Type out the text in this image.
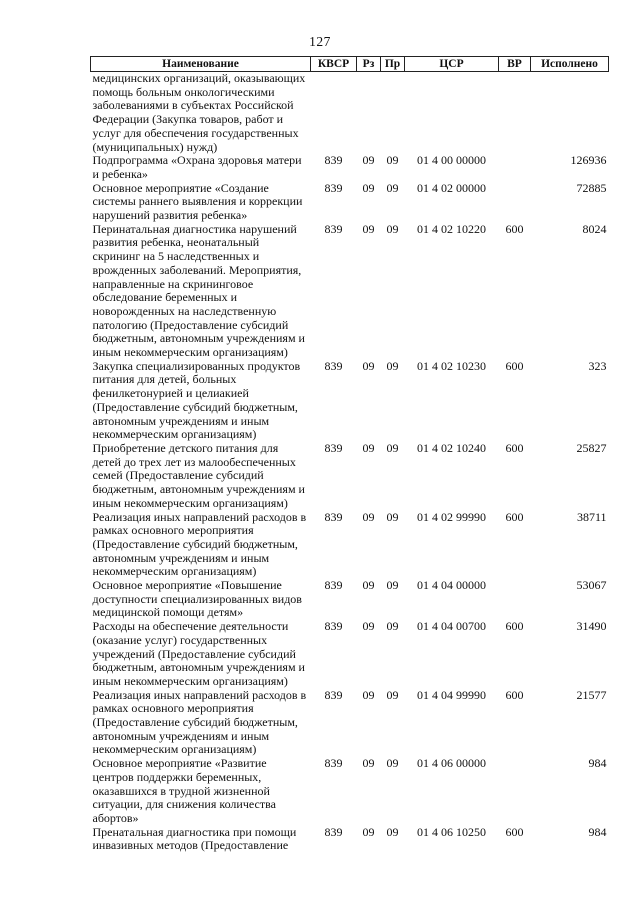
127
Наименование	КВСР	Рз	Пр	ЦСР	ВР	Исполнено
медицинских организаций, оказывающих помощь больным онкологическими заболеваниями в субъектах Российской Федерации (Закупка товаров, работ и услуг для обеспечения государственных (муниципальных) нужд)						
Подпрограмма «Охрана здоровья матери и ребенка»	839	09	09	01 4 00 00000		126936
Основное мероприятие «Создание системы раннего выявления и коррекции нарушений развития ребенка»	839	09	09	01 4 02 00000		72885
Перинатальная диагностика нарушений развития ребенка, неонатальный скрининг на 5 наследственных и врожденных заболеваний. Мероприятия, направленные на скрининговое обследование беременных и новорожденных на наследственную патологию (Предоставление субсидий бюджетным, автономным учреждениям и иным некоммерческим организациям)	839	09	09	01 4 02 10220	600	8024
Закупка специализированных продуктов питания для детей, больных фенилкетонурией и целиакией (Предоставление субсидий бюджетным, автономным учреждениям и иным некоммерческим организациям)	839	09	09	01 4 02 10230	600	323
Приобретение детского питания для детей до трех лет из малообеспеченных семей (Предоставление субсидий бюджетным, автономным учреждениям и иным некоммерческим организациям)	839	09	09	01 4 02 10240	600	25827
Реализация иных направлений расходов в рамках основного мероприятия (Предоставление субсидий бюджетным, автономным учреждениям и иным некоммерческим организациям)	839	09	09	01 4 02 99990	600	38711
Основное мероприятие «Повышение доступности специализированных видов медицинской помощи детям»	839	09	09	01 4 04 00000		53067
Расходы на обеспечение деятельности (оказание услуг) государственных учреждений (Предоставление субсидий бюджетным, автономным учреждениям и иным некоммерческим организациям)	839	09	09	01 4 04 00700	600	31490
Реализация иных направлений расходов в рамках основного мероприятия (Предоставление субсидий бюджетным, автономным учреждениям и иным некоммерческим организациям)	839	09	09	01 4 04 99990	600	21577
Основное мероприятие «Развитие центров поддержки беременных, оказавшихся в трудной жизненной ситуации, для снижения количества абортов»	839	09	09	01 4 06 00000		984
Пренатальная диагностика при помощи инвазивных методов (Предоставление	839	09	09	01 4 06 10250	600	984
